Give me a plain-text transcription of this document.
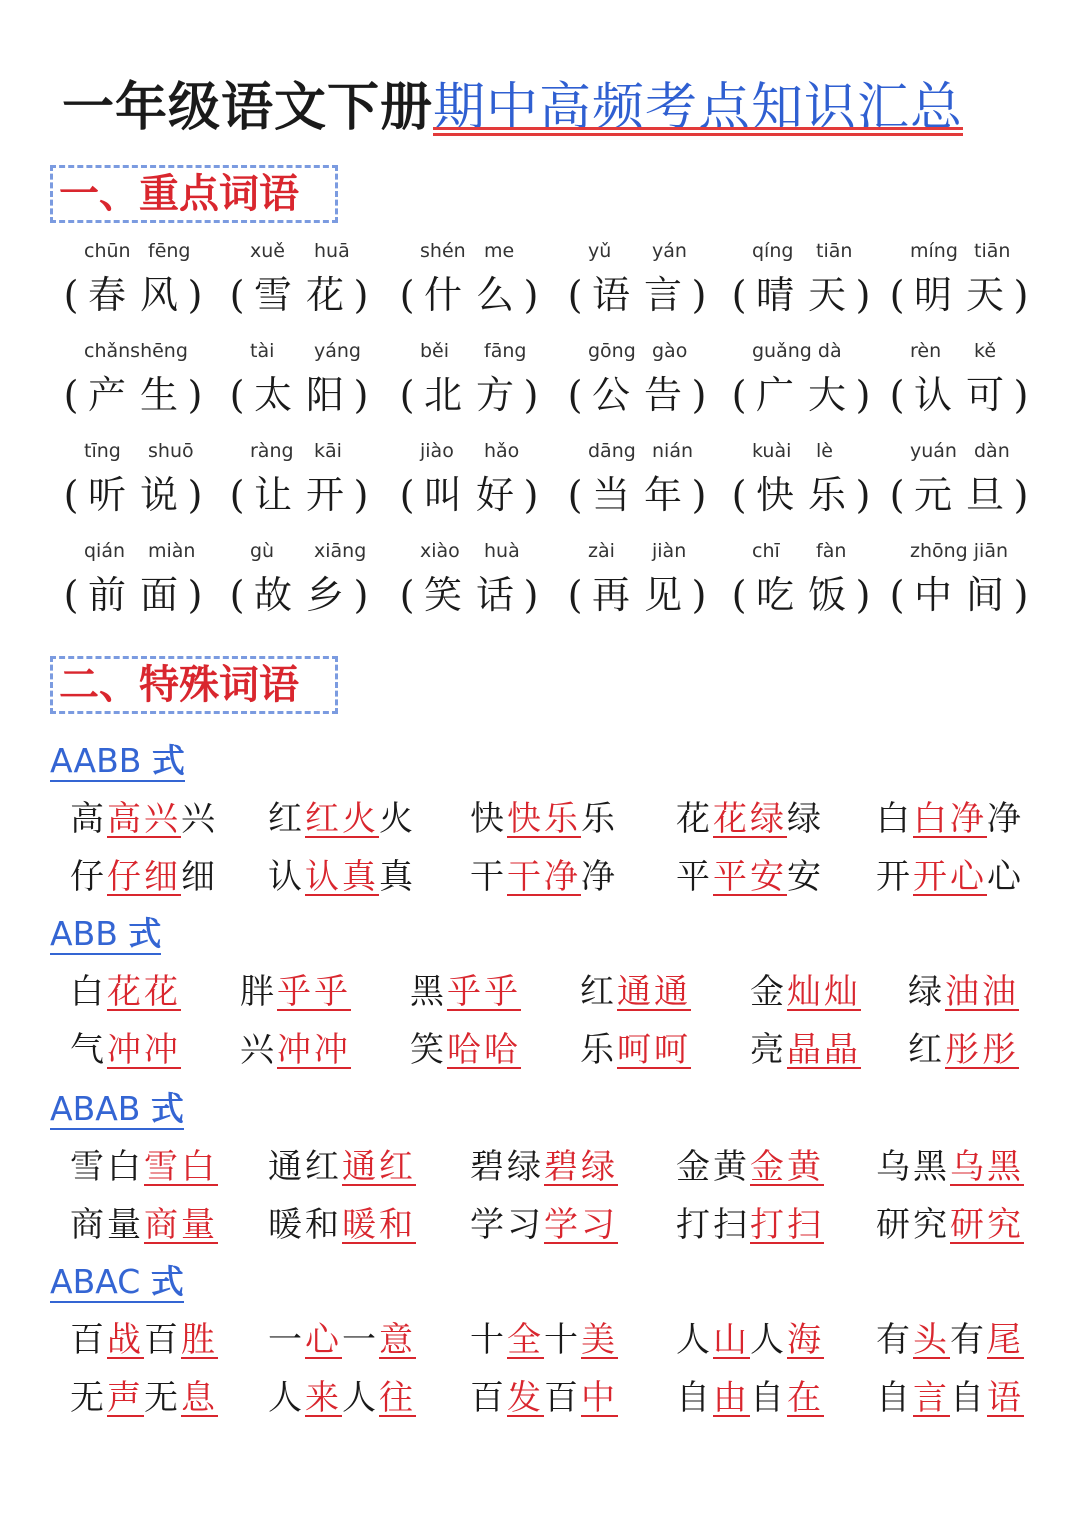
一年级语文下册期中高频考点知识汇总
一、重点词语
chūn fēng
( 春 风 )
xuě huā
( 雪 花 )
shén me
( 什 么 )
yǔ yán
( 语 言 )
qíng tiān
( 晴 天 )
míng tiān
( 明 天 )
chǎnshēng
( 产 生 )
tài yáng
( 太 阳 )
běi fāng
( 北 方 )
gōng gào
( 公 告 )
guǎng dà
( 广 大 )
rèn kě
( 认 可 )
tīng shuō
( 听 说 )
ràng kāi
( 让 开 )
jiào hǎo
( 叫 好 )
dāng nián
( 当 年 )
kuài lè
( 快 乐 )
yuán dàn
( 元 旦 )
qián miàn
( 前 面 )
gù xiāng
( 故 乡 )
xiào huà
( 笑 话 )
zài jiàn
( 再 见 )
chī fàn
( 吃 饭 )
zhōng jiān
( 中 间 )
二、特殊词语
AABB 式
高高兴兴 红红火火 快快乐乐 花花绿绿 白白净净
仔仔细细 认认真真 干干净净 平平安安 开开心心
ABB 式
白花花 胖乎乎 黑乎乎 红通通 金灿灿 绿油油
气冲冲 兴冲冲 笑哈哈 乐呵呵 亮晶晶 红彤彤
ABAB 式
雪白雪白 通红通红 碧绿碧绿 金黄金黄 乌黑乌黑
商量商量 暖和暖和 学习学习 打扫打扫 研究研究
ABAC 式
百战百胜 一心一意 十全十美 人山人海 有头有尾
无声无息 人来人往 百发百中 自由自在 自言自语
